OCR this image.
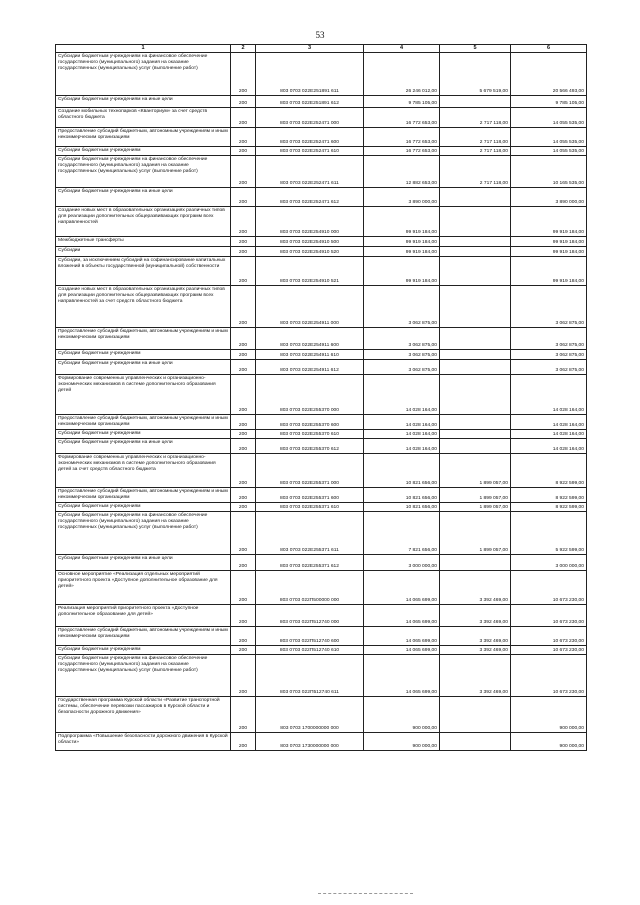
53
1	2	3	4	5	6
Субсидии бюджетным учреждениям на финансовое обеспечение государственного (муниципального) задания на оказание государственных (муниципальных) услуг (выполнение работ)	200	803 0703 022E251891 611	26 246 012,00	5 679 519,00	20 566 493,00
Субсидии бюджетным учреждениям на иные цели	200	803 0703 022E251891 612	9 785 105,00		9 785 105,00
Создание мобильных технопарков «Кванториум» за счет средств областного бюджета	200	803 0703 022E252471 000	16 772 653,00	2 717 118,00	14 055 535,00
Предоставление субсидий бюджетным, автономным учреждениям и иным некоммерческим организациям	200	803 0703 022E252471 600	16 772 653,00	2 717 118,00	14 055 535,00
Субсидии бюджетным учреждениям	200	803 0703 022E252471 610	16 772 653,00	2 717 118,00	14 055 535,00
Субсидии бюджетным учреждениям на финансовое обеспечение государственного (муниципального) задания на оказание государственных (муниципальных) услуг (выполнение работ)	200	803 0703 022E252471 611	12 882 653,00	2 717 118,00	10 165 535,00
Субсидии бюджетным учреждениям на иные цели	200	803 0703 022E252471 612	3 890 000,00		3 890 000,00
Создание новых мест в образовательных организациях различных типов для реализации дополнительных общеразвивающих программ всех направленностей	200	803 0703 022E254910 000	99 919 184,00		99 919 184,00
Межбюджетные трансферты	200	803 0703 022E254910 500	99 919 184,00		99 919 184,00
Субсидии	200	803 0703 022E254910 520	99 919 184,00		99 919 184,00
Субсидии, за исключением субсидий на софинансирование капитальных вложений в объекты государственной (муниципальной) собственности	200	803 0703 022E254910 521	99 919 184,00		99 919 184,00
Создание новых мест в образовательных организациях различных типов для реализации дополнительных общеразвивающих программ всех направленностей за счет средств областного бюджета	200	803 0703 022E254911 000	3 062 875,00		3 062 875,00
Предоставление субсидий бюджетным, автономным учреждениям и иным некоммерческим организациям	200	803 0703 022E254911 600	3 062 875,00		3 062 875,00
Субсидии бюджетным учреждениям	200	803 0703 022E254911 610	3 062 875,00		3 062 875,00
Субсидии бюджетным учреждениям на иные цели	200	803 0703 022E254911 612	3 062 875,00		3 062 875,00
Формирование современных управленческих и организационно-экономических механизмов в системе дополнительного образования детей	200	803 0703 022E255370 000	14 028 164,00		14 028 164,00
Предоставление субсидий бюджетным, автономным учреждениям и иным некоммерческим организациям	200	803 0703 022E255370 600	14 028 164,00		14 028 164,00
Субсидии бюджетным учреждениям	200	803 0703 022E255370 610	14 028 164,00		14 028 164,00
Субсидии бюджетным учреждениям на иные цели	200	803 0703 022E255370 612	14 028 164,00		14 028 164,00
Формирование современных управленческих и организационно-экономических механизмов в системе дополнительного образования детей за счет средств областного бюджета	200	803 0703 022E255371 000	10 821 656,00	1 899 057,00	8 922 599,00
Предоставление субсидий бюджетным, автономным учреждениям и иным некоммерческим организациям	200	803 0703 022E255371 600	10 821 656,00	1 899 057,00	8 922 599,00
Субсидии бюджетным учреждениям	200	803 0703 022E255371 610	10 821 656,00	1 899 057,00	8 922 599,00
Субсидии бюджетным учреждениям на финансовое обеспечение государственного (муниципального) задания на оказание государственных (муниципальных) услуг (выполнение работ)	200	803 0703 022E255371 611	7 821 656,00	1 899 057,00	5 922 599,00
Субсидии бюджетным учреждениям на иные цели	200	803 0703 022E255371 612	3 000 000,00		3 000 000,00
Основное мероприятие «Реализация отдельных мероприятий приоритетного проекта «Доступное дополнительное образование для детей»	200	803 0703 022П500000 000	14 065 699,00	3 392 469,00	10 673 230,00
Реализация мероприятий приоритетного проекта «Доступное дополнительное образование для детей»	200	803 0703 022П512740 000	14 065 699,00	3 392 469,00	10 673 230,00
Предоставление субсидий бюджетным, автономным учреждениям и иным некоммерческим организациям	200	803 0703 022П512740 600	14 065 699,00	3 392 469,00	10 673 230,00
Субсидии бюджетным учреждениям	200	803 0703 022П512740 610	14 065 699,00	3 392 469,00	10 673 230,00
Субсидии бюджетным учреждениям на финансовое обеспечение государственного (муниципального) задания на оказание государственных (муниципальных) услуг (выполнение работ)	200	803 0703 022П512740 611	14 065 699,00	3 392 469,00	10 673 230,00
Государственная программа Курской области «Развитие транспортной системы, обеспечение перевозки пассажиров в Курской области и безопасности дорожного движения»	200	803 0703 1700000000 000	900 000,00		900 000,00
Подпрограмма «Повышение безопасности дорожного движения в Курской области»	200	803 0703 1730000000 000	900 000,00		900 000,00
